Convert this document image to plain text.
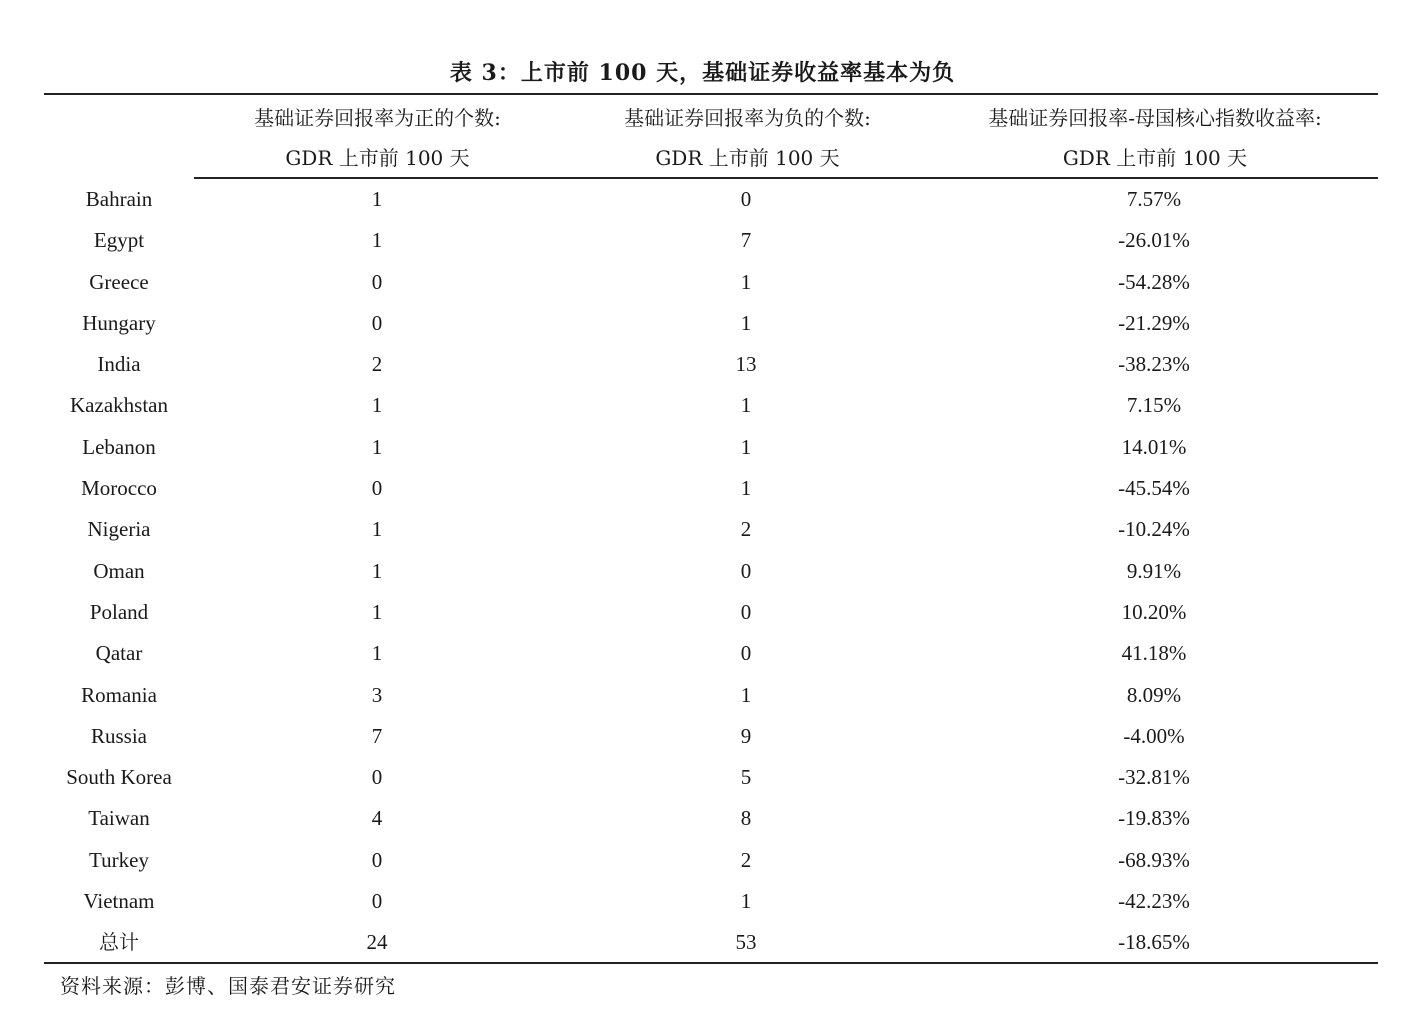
表 3：上市前 100 天，基础证券收益率基本为负
基础证券回报率为正的个数:
GDR 上市前 100 天
基础证券回报率为负的个数:
GDR 上市前 100 天
基础证券回报率-母国核心指数收益率:
GDR 上市前 100 天
Bahrain	1	0	7.57%
Egypt	1	7	-26.01%
Greece	0	1	-54.28%
Hungary	0	1	-21.29%
India	2	13	-38.23%
Kazakhstan	1	1	7.15%
Lebanon	1	1	14.01%
Morocco	0	1	-45.54%
Nigeria	1	2	-10.24%
Oman	1	0	9.91%
Poland	1	0	10.20%
Qatar	1	0	41.18%
Romania	3	1	8.09%
Russia	7	9	-4.00%
South Korea	0	5	-32.81%
Taiwan	4	8	-19.83%
Turkey	0	2	-68.93%
Vietnam	0	1	-42.23%
总计	24	53	-18.65%
资料来源：彭博、国泰君安证券研究
